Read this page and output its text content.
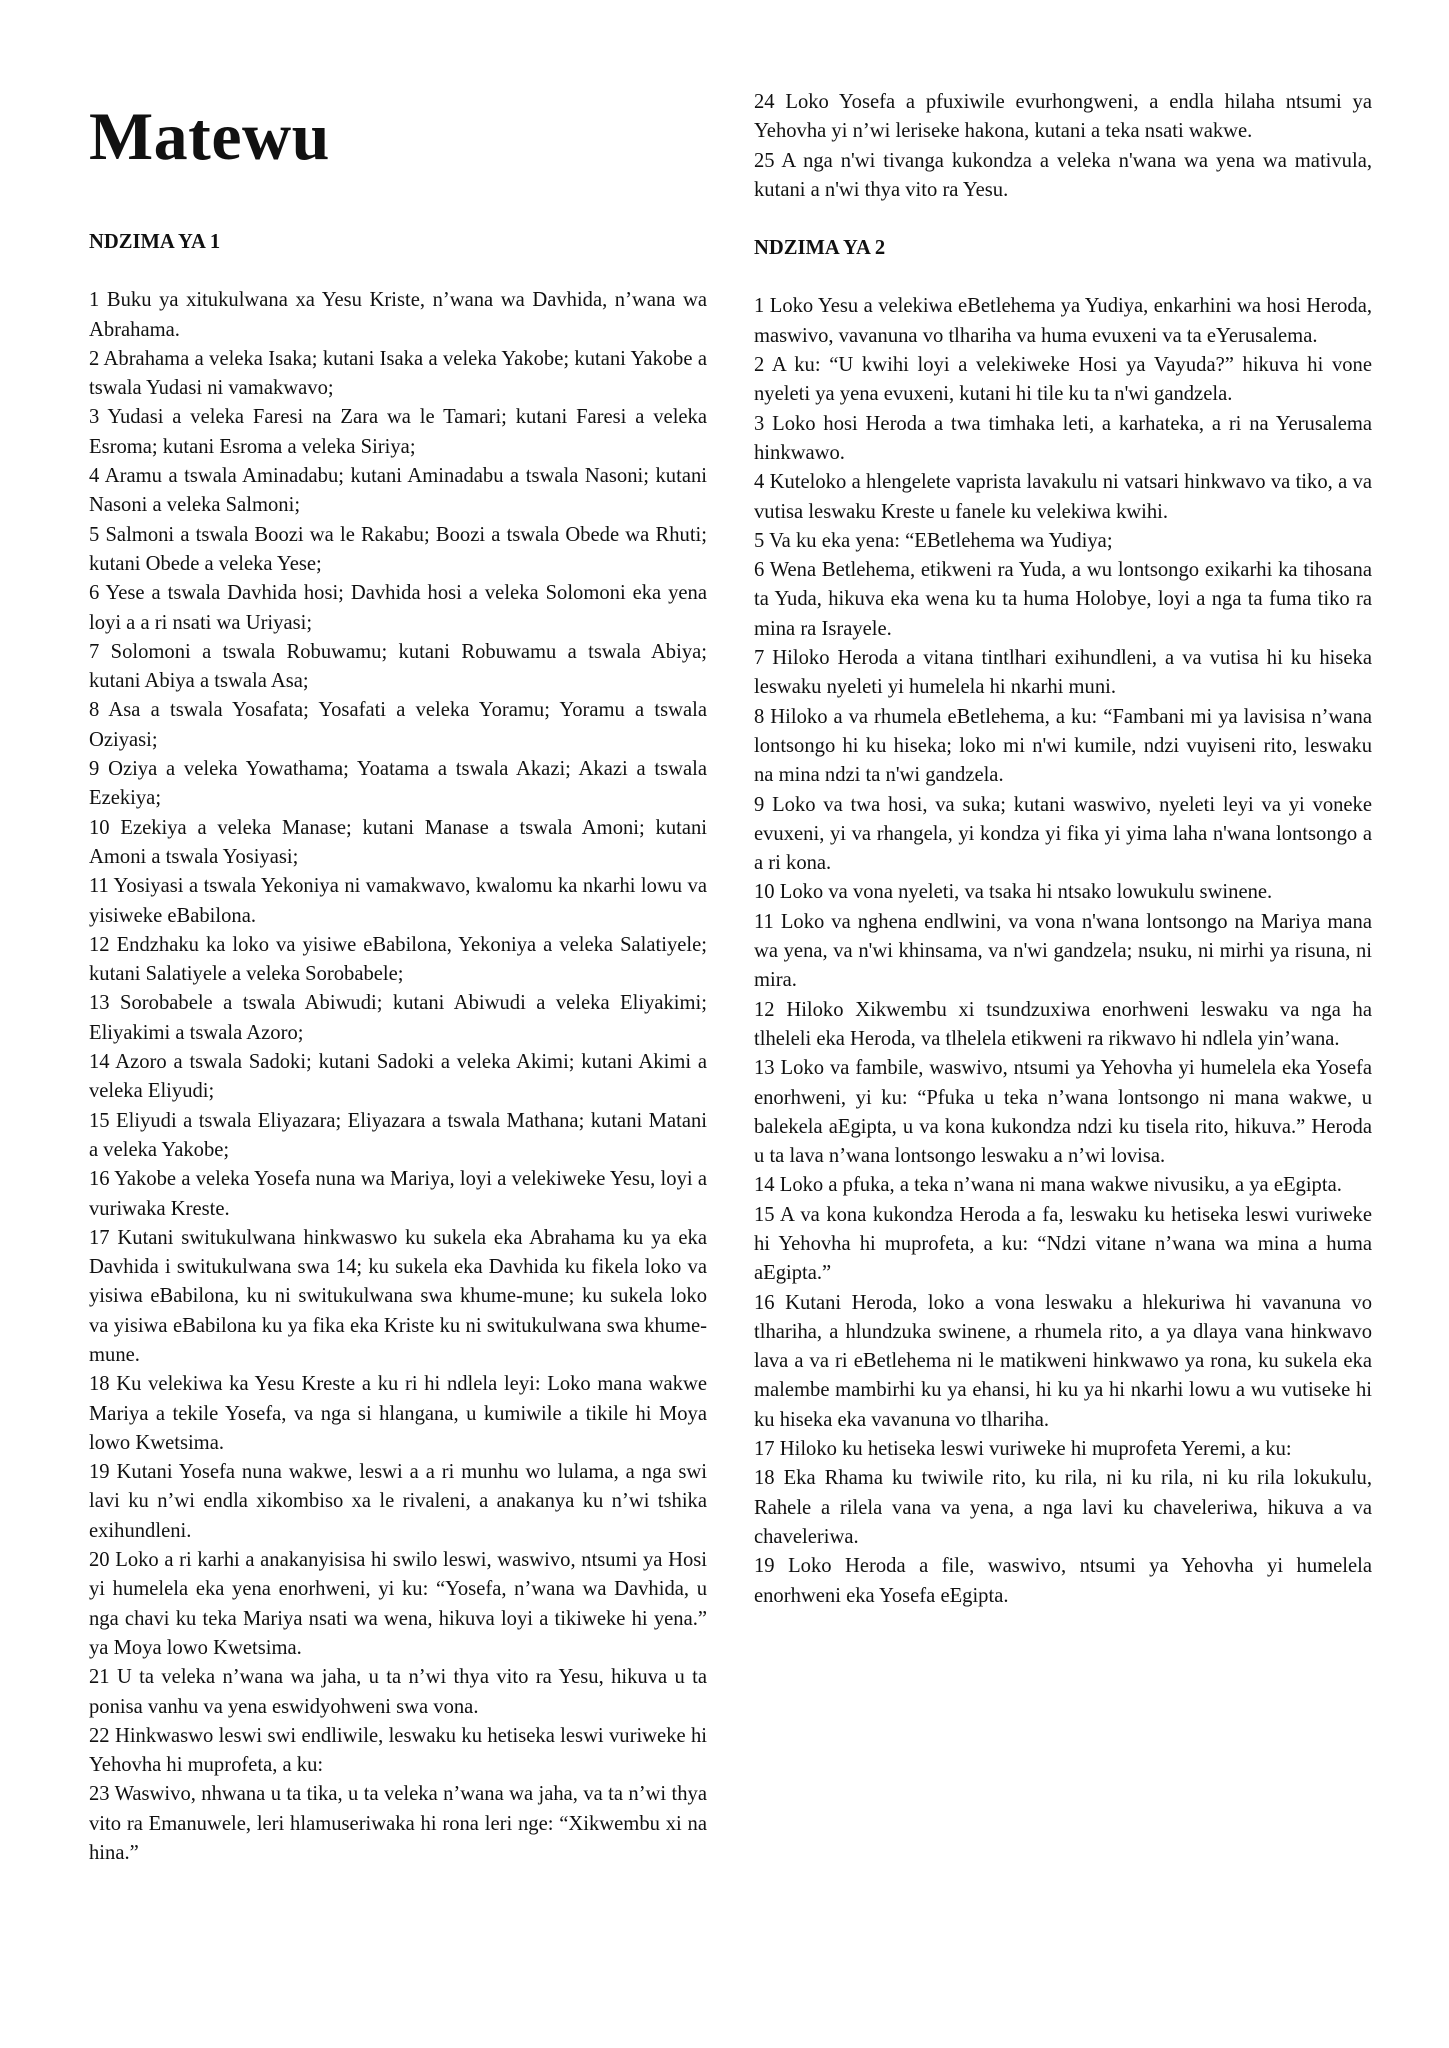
Matewu
NDZIMA YA 1

1 Buku ya xitukulwana xa Yesu Kriste, n’wana wa Davhida, n’wana wa Abrahama.

2 Abrahama a veleka Isaka; kutani Isaka a veleka Yakobe; kutani Yakobe a tswala Yudasi ni vamakwavo;

3 Yudasi a veleka Faresi na Zara wa le Tamari; kutani Faresi a veleka Esroma; kutani Esroma a veleka Siriya;

4 Aramu a tswala Aminadabu; kutani Aminadabu a tswala Nasoni; kutani Nasoni a veleka Salmoni;

5 Salmoni a tswala Boozi wa le Rakabu; Boozi a tswala Obede wa Rhuti; kutani Obede a veleka Yese;

6 Yese a tswala Davhida hosi; Davhida hosi a veleka Solomoni eka yena loyi a a ri nsati wa Uriyasi;

7 Solomoni a tswala Robuwamu; kutani Robuwamu a tswala Abiya; kutani Abiya a tswala Asa;

8 Asa a tswala Yosafata; Yosafati a veleka Yoramu; Yoramu a tswala Oziyasi;

9 Oziya a veleka Yowathama; Yoatama a tswala Akazi; Akazi a tswala Ezekiya;

10 Ezekiya a veleka Manase; kutani Manase a tswala Amoni; kutani Amoni a tswala Yosiyasi;

11 Yosiyasi a tswala Yekoniya ni vamakwavo, kwalomu ka nkarhi lowu va yisiweke eBabilona.

12 Endzhaku ka loko va yisiwe eBabilona, Yekoniya a veleka Salatiyele; kutani Salatiyele a veleka Sorobabele;

13 Sorobabele a tswala Abiwudi; kutani Abiwudi a veleka Eliyakimi; Eliyakimi a tswala Azoro;

14 Azoro a tswala Sadoki; kutani Sadoki a veleka Akimi; kutani Akimi a veleka Eliyudi;

15 Eliyudi a tswala Eliyazara; Eliyazara a tswala Mathana; kutani Matani a veleka Yakobe;

16 Yakobe a veleka Yosefa nuna wa Mariya, loyi a velekiweke Yesu, loyi a vuriwaka Kreste.

17 Kutani switukulwana hinkwaswo ku sukela eka Abrahama ku ya eka Davhida i switukulwana swa 14; ku sukela eka Davhida ku fikela loko va yisiwa eBabilona, ku ni switukulwana swa khume-mune; ku sukela loko va yisiwa eBabilona ku ya fika eka Kriste ku ni switukulwana swa khume-mune.

18 Ku velekiwa ka Yesu Kreste a ku ri hi ndlela leyi: Loko mana wakwe Mariya a tekile Yosefa, va nga si hlangana, u kumiwile a tikile hi Moya lowo Kwetsima.

19 Kutani Yosefa nuna wakwe, leswi a a ri munhu wo lulama, a nga swi lavi ku n’wi endla xikombiso xa le rivaleni, a anakanya ku n’wi tshika exihundleni.

20 Loko a ri karhi a anakanyisisa hi swilo leswi, waswivo, ntsumi ya Hosi yi humelela eka yena enorhweni, yi ku: “Yosefa, n’wana wa Davhida, u nga chavi ku teka Mariya nsati wa wena, hikuva loyi a tikiweke hi yena.” ya Moya lowo Kwetsima.

21 U ta veleka n’wana wa jaha, u ta n’wi thya vito ra Yesu, hikuva u ta ponisa vanhu va yena eswidyohweni swa vona.

22 Hinkwaswo leswi swi endliwile, leswaku ku hetiseka leswi vuriweke hi Yehovha hi muprofeta, a ku:

23 Waswivo, nhwana u ta tika, u ta veleka n’wana wa jaha, va ta n’wi thya vito ra Emanuwele, leri hlamuseriwaka hi rona leri nge: “Xikwembu xi na hina.”

24 Loko Yosefa a pfuxiwile evurhongweni, a endla hilaha ntsumi ya Yehovha yi n’wi leriseke hakona, kutani a teka nsati wakwe.

25 A nga n'wi tivanga kukondza a veleka n'wana wa yena wa mativula, kutani a n'wi thya vito ra Yesu.

NDZIMA YA 2

1 Loko Yesu a velekiwa eBetlehema ya Yudiya, enkarhini wa hosi Heroda, maswivo, vavanuna vo tlhariha va huma evuxeni va ta eYerusalema.

2 A ku: “U kwihi loyi a velekiweke Hosi ya Vayuda?” hikuva hi vone nyeleti ya yena evuxeni, kutani hi tile ku ta n'wi gandzela.

3 Loko hosi Heroda a twa timhaka leti, a karhateka, a ri na Yerusalema hinkwawo.

4 Kuteloko a hlengelete vaprista lavakulu ni vatsari hinkwavo va tiko, a va vutisa leswaku Kreste u fanele ku velekiwa kwihi.

5 Va ku eka yena: “EBetlehema wa Yudiya;

6 Wena Betlehema, etikweni ra Yuda, a wu lontsongo exikarhi ka tihosana ta Yuda, hikuva eka wena ku ta huma Holobye, loyi a nga ta fuma tiko ra mina ra Israyele.

7 Hiloko Heroda a vitana tintlhari exihundleni, a va vutisa hi ku hiseka leswaku nyeleti yi humelela hi nkarhi muni.

8 Hiloko a va rhumela eBetlehema, a ku: “Fambani mi ya lavisisa n’wana lontsongo hi ku hiseka; loko mi n'wi kumile, ndzi vuyiseni rito, leswaku na mina ndzi ta n'wi gandzela.

9 Loko va twa hosi, va suka; kutani waswivo, nyeleti leyi va yi voneke evuxeni, yi va rhangela, yi kondza yi fika yi yima laha n'wana lontsongo a a ri kona.

10 Loko va vona nyeleti, va tsaka hi ntsako lowukulu swinene.

11 Loko va nghena endlwini, va vona n'wana lontsongo na Mariya mana wa yena, va n'wi khinsama, va n'wi gandzela; nsuku, ni mirhi ya risuna, ni mira.

12 Hiloko Xikwembu xi tsundzuxiwa enorhweni leswaku va nga ha tlheleli eka Heroda, va tlhelela etikweni ra rikwavo hi ndlela yin’wana.

13 Loko va fambile, waswivo, ntsumi ya Yehovha yi humelela eka Yosefa enorhweni, yi ku: “Pfuka u teka n’wana lontsongo ni mana wakwe, u balekela aEgipta, u va kona kukondza ndzi ku tisela rito, hikuva.” Heroda u ta lava n’wana lontsongo leswaku a n’wi lovisa.

14 Loko a pfuka, a teka n’wana ni mana wakwe nivusiku, a ya eEgipta.

15 A va kona kukondza Heroda a fa, leswaku ku hetiseka leswi vuriweke hi Yehovha hi muprofeta, a ku: “Ndzi vitane n’wana wa mina a huma aEgipta.”

16 Kutani Heroda, loko a vona leswaku a hlekuriwa hi vavanuna vo tlhariha, a hlundzuka swinene, a rhumela rito, a ya dlaya vana hinkwavo lava a va ri eBetlehema ni le matikweni hinkwawo ya rona, ku sukela eka malembe mambirhi ku ya ehansi, hi ku ya hi nkarhi lowu a wu vutiseke hi ku hiseka eka vavanuna vo tlhariha.

17 Hiloko ku hetiseka leswi vuriweke hi muprofeta Yeremi, a ku:

18 Eka Rhama ku twiwile rito, ku rila, ni ku rila, ni ku rila lokukulu, Rahele a rilela vana va yena, a nga lavi ku chaveleriwa, hikuva a va chaveleriwa.

19 Loko Heroda a file, waswivo, ntsumi ya Yehovha yi humelela enorhweni eka Yosefa eEgipta.
